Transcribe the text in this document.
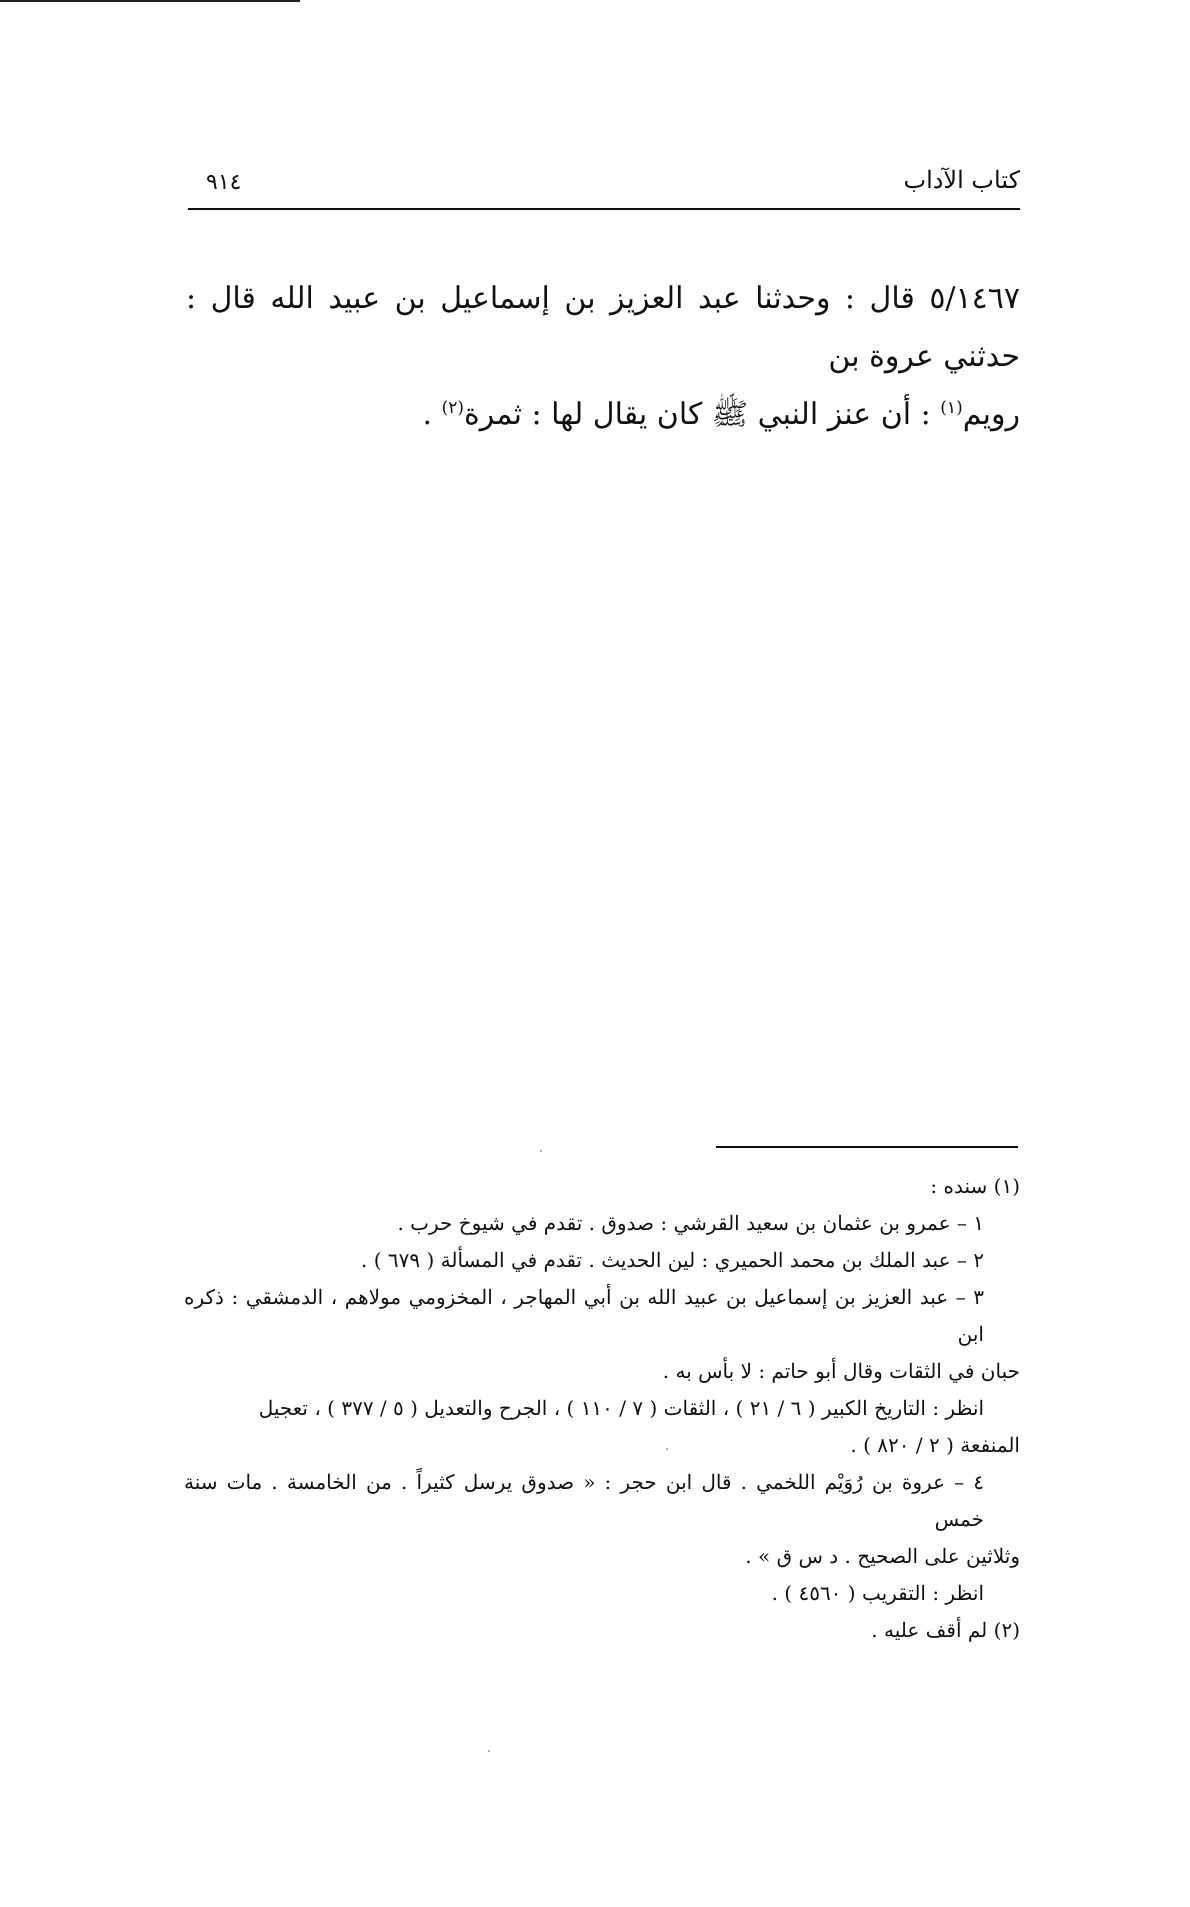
كتاب الآداب
٩١٤

٥/١٤٦٧ قال : وحدثنا عبد العزيز بن إسماعيل بن عبيد الله قال : حدثني عروة بن
رويم$^{(١)}$ : أن عنز النبي ﷺ كان يقال لها : ثمرة$^{(٢)}$ .

(١) سنده :

١ – عمرو بن عثمان بن سعيد القرشي : صدوق . تقدم في شيوخ حرب .

٢ – عبد الملك بن محمد الحميري : لين الحديث . تقدم في المسألة ( ٦٧٩ ) .

٣ – عبد العزيز بن إسماعيل بن عبيد الله بن أبي المهاجر ، المخزومي مولاهم ، الدمشقي : ذكره ابن

حبان في الثقات وقال أبو حاتم : لا بأس به .

انظر : التاريخ الكبير ( ٦ / ٢١ ) ، الثقات ( ٧ / ١١٠ ) ، الجرح والتعديل ( ٥ / ٣٧٧ ) ، تعجيل

المنفعة ( ٢ / ٨٢٠ ) .

٤ – عروة بن رُوَيْم اللخمي . قال ابن حجر : « صدوق يرسل كثيراً . من الخامسة . مات سنة خمس

وثلاثين على الصحيح . د س ق » .

انظر : التقريب ( ٤٥٦٠ ) .

(٢) لم أقف عليه .
